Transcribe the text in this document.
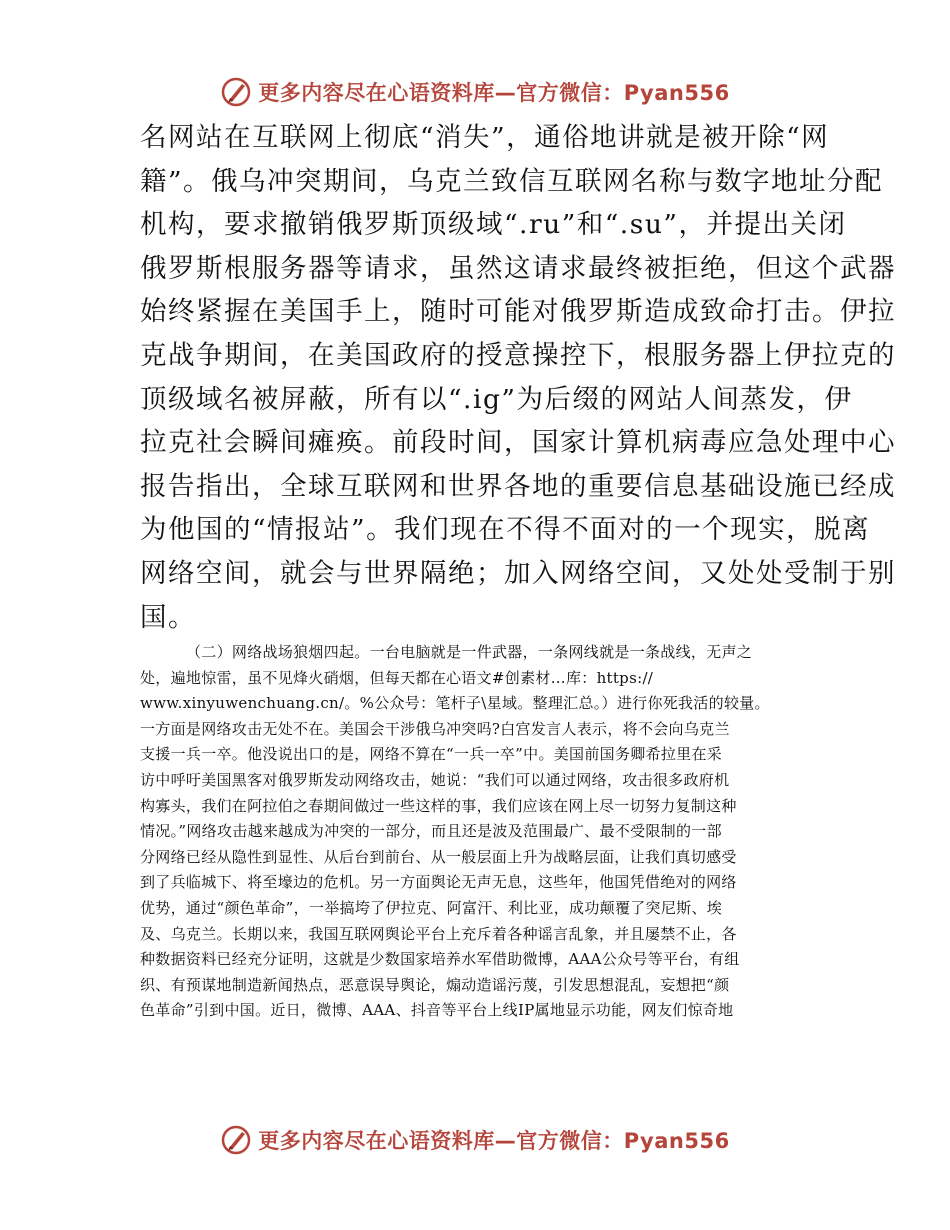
更多内容尽在心语资料库—官方微信：Pyan556
名网站在互联网上彻底“消失”，通俗地讲就是被开除“网
籍”。俄乌冲突期间，乌克兰致信互联网名称与数字地址分配
机构，要求撤销俄罗斯顶级域“.ru”和“.su”，并提出关闭
俄罗斯根服务器等请求，虽然这请求最终被拒绝，但这个武器
始终紧握在美国手上，随时可能对俄罗斯造成致命打击。伊拉
克战争期间，在美国政府的授意操控下，根服务器上伊拉克的
顶级域名被屏蔽，所有以“.ig”为后缀的网站人间蒸发，伊
拉克社会瞬间瘫痪。前段时间，国家计算机病毒应急处理中心
报告指出，全球互联网和世界各地的重要信息基础设施已经成
为他国的“情报站”。我们现在不得不面对的一个现实，脱离
网络空间，就会与世界隔绝；加入网络空间，又处处受制于别
国。
（二）网络战场狼烟四起。一台电脑就是一件武器，一条网线就是一条战线，无声之
处，遍地惊雷，虽不见烽火硝烟，但每天都在心语文#创素材…库：https://
www.xinyuwenchuang.cn/。%公众号：笔杆子\星域。整理汇总。）进行你死我活的较量。
一方面是网络攻击无处不在。美国会干涉俄乌冲突吗?白宫发言人表示，将不会向乌克兰
支援一兵一卒。他没说出口的是，网络不算在“一兵一卒”中。美国前国务卿希拉里在采
访中呼吁美国黑客对俄罗斯发动网络攻击，她说：“我们可以通过网络，攻击很多政府机
构寡头，我们在阿拉伯之春期间做过一些这样的事，我们应该在网上尽一切努力复制这种
情况。”网络攻击越来越成为冲突的一部分，而且还是波及范围最广、最不受限制的一部
分网络已经从隐性到显性、从后台到前台、从一般层面上升为战略层面，让我们真切感受
到了兵临城下、将至壕边的危机。另一方面舆论无声无息，这些年，他国凭借绝对的网络
优势，通过“颜色革命”，一举搞垮了伊拉克、阿富汗、利比亚，成功颠覆了突尼斯、埃
及、乌克兰。长期以来，我国互联网舆论平台上充斥着各种谣言乱象，并且屡禁不止，各
种数据资料已经充分证明，这就是少数国家培养水军借助微博，AAA公众号等平台，有组
织、有预谋地制造新闻热点，恶意误导舆论，煽动造谣污蔑，引发思想混乱，妄想把“颜
色革命”引到中国。近日，微博、AAA、抖音等平台上线IP属地显示功能，网友们惊奇地
更多内容尽在心语资料库—官方微信：Pyan556
